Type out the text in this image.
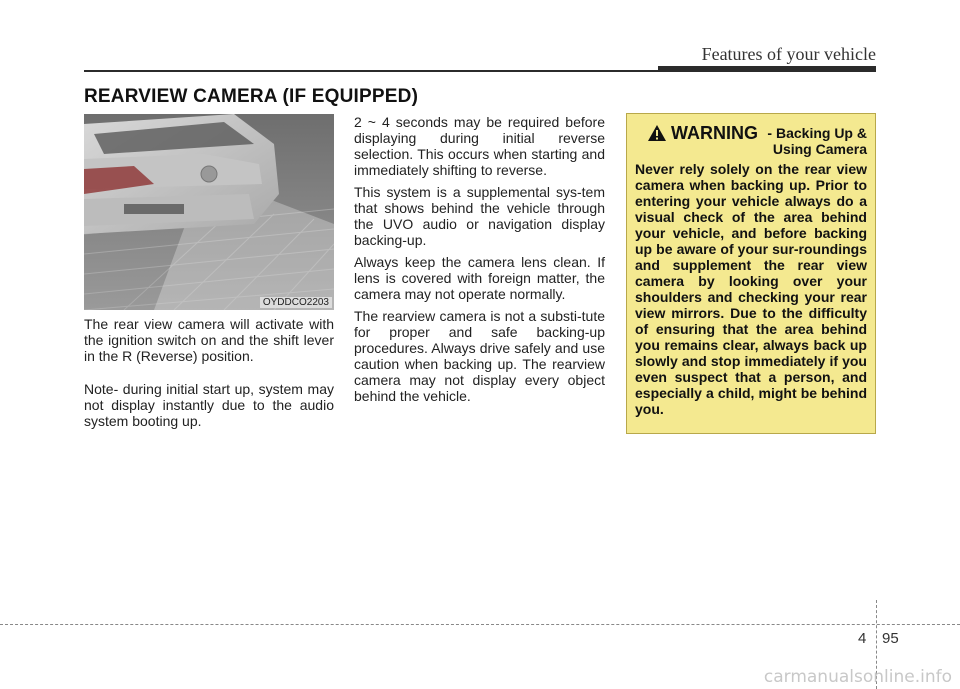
Features of your vehicle
REARVIEW CAMERA (IF EQUIPPED)
OYDDCO2203

The rear view camera will activate with the ignition switch on and the shift lever in the R (Reverse) position.

Note- during initial start up, system may not display instantly due to the audio system booting up.

2 ~ 4 seconds may be required before displaying during initial reverse selection. This occurs when starting and immediately shifting to reverse.

This system is a supplemental sys-tem that shows behind the vehicle through the UVO audio or navigation display backing-up.

Always keep the camera lens clean. If lens is covered with foreign matter, the camera may not operate normally.

The rearview camera is not a substi-tute for proper and safe backing-up procedures. Always drive safely and use caution when backing up. The rearview camera may not display every object behind the vehicle.

WARNING - Backing Up & Using Camera

Never rely solely on the rear view camera when backing up. Prior to entering your vehicle always do a visual check of the area behind your vehicle, and before backing up be aware of your sur-roundings and supplement the rear view camera by looking over your shoulders and checking your rear view mirrors. Due to the difficulty of ensuring that the area behind you remains clear, always back up slowly and stop immediately if you even suspect that a person, and especially a child, might be behind you.

4 95
carmanualsonline.info
